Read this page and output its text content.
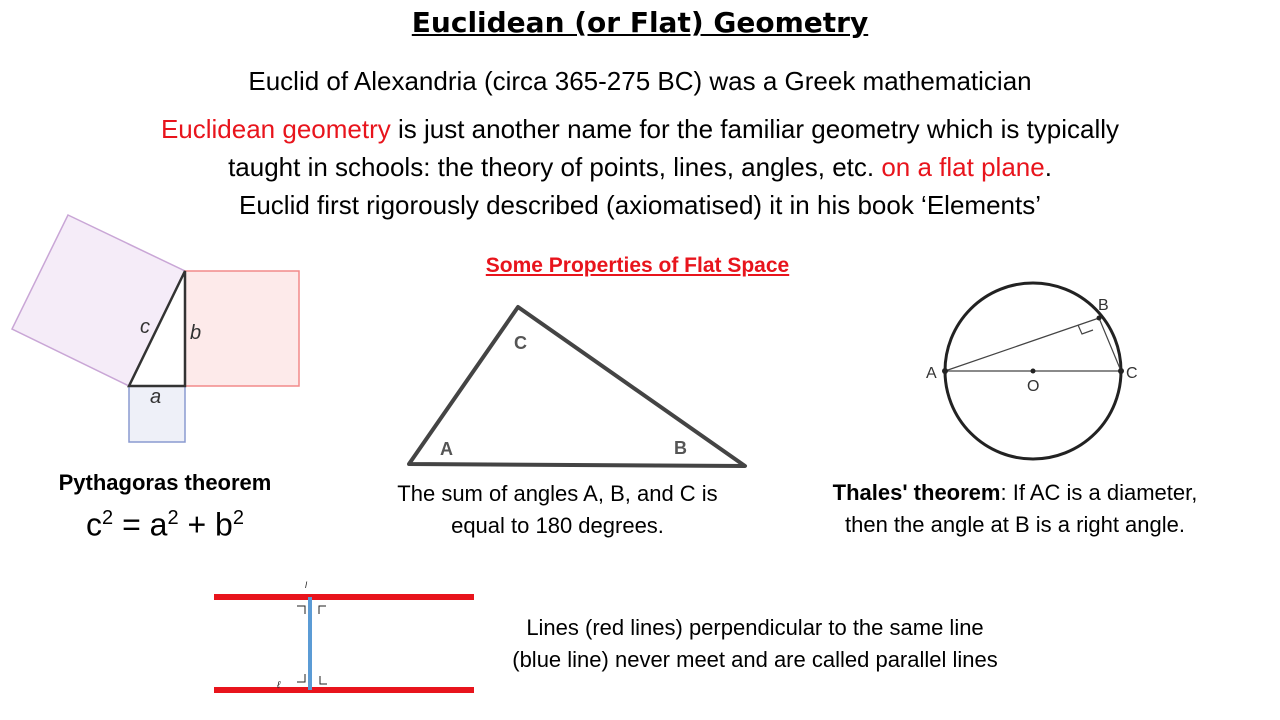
Euclidean (or Flat) Geometry
Euclid of Alexandria (circa 365-275 BC) was a Greek mathematician
Euclidean geometry is just another name for the familiar geometry which is typically
taught in schools: the theory of points, lines, angles, etc. on a flat plane.
Euclid first rigorously described (axiomatised) it in his book ‘Elements’
Some Properties of Flat Space
c b
a
Pythagoras theorem
$c^2 = a^2 + b^2$
C
A	B
The sum of angles A, B, and C is
equal to 180 degrees.
A	C
O
B
Thales' theorem: If AC is a diameter,
then the angle at B is a right angle.
l
ℓ
Lines (red lines) perpendicular to the same line
(blue line) never meet and are called parallel lines
